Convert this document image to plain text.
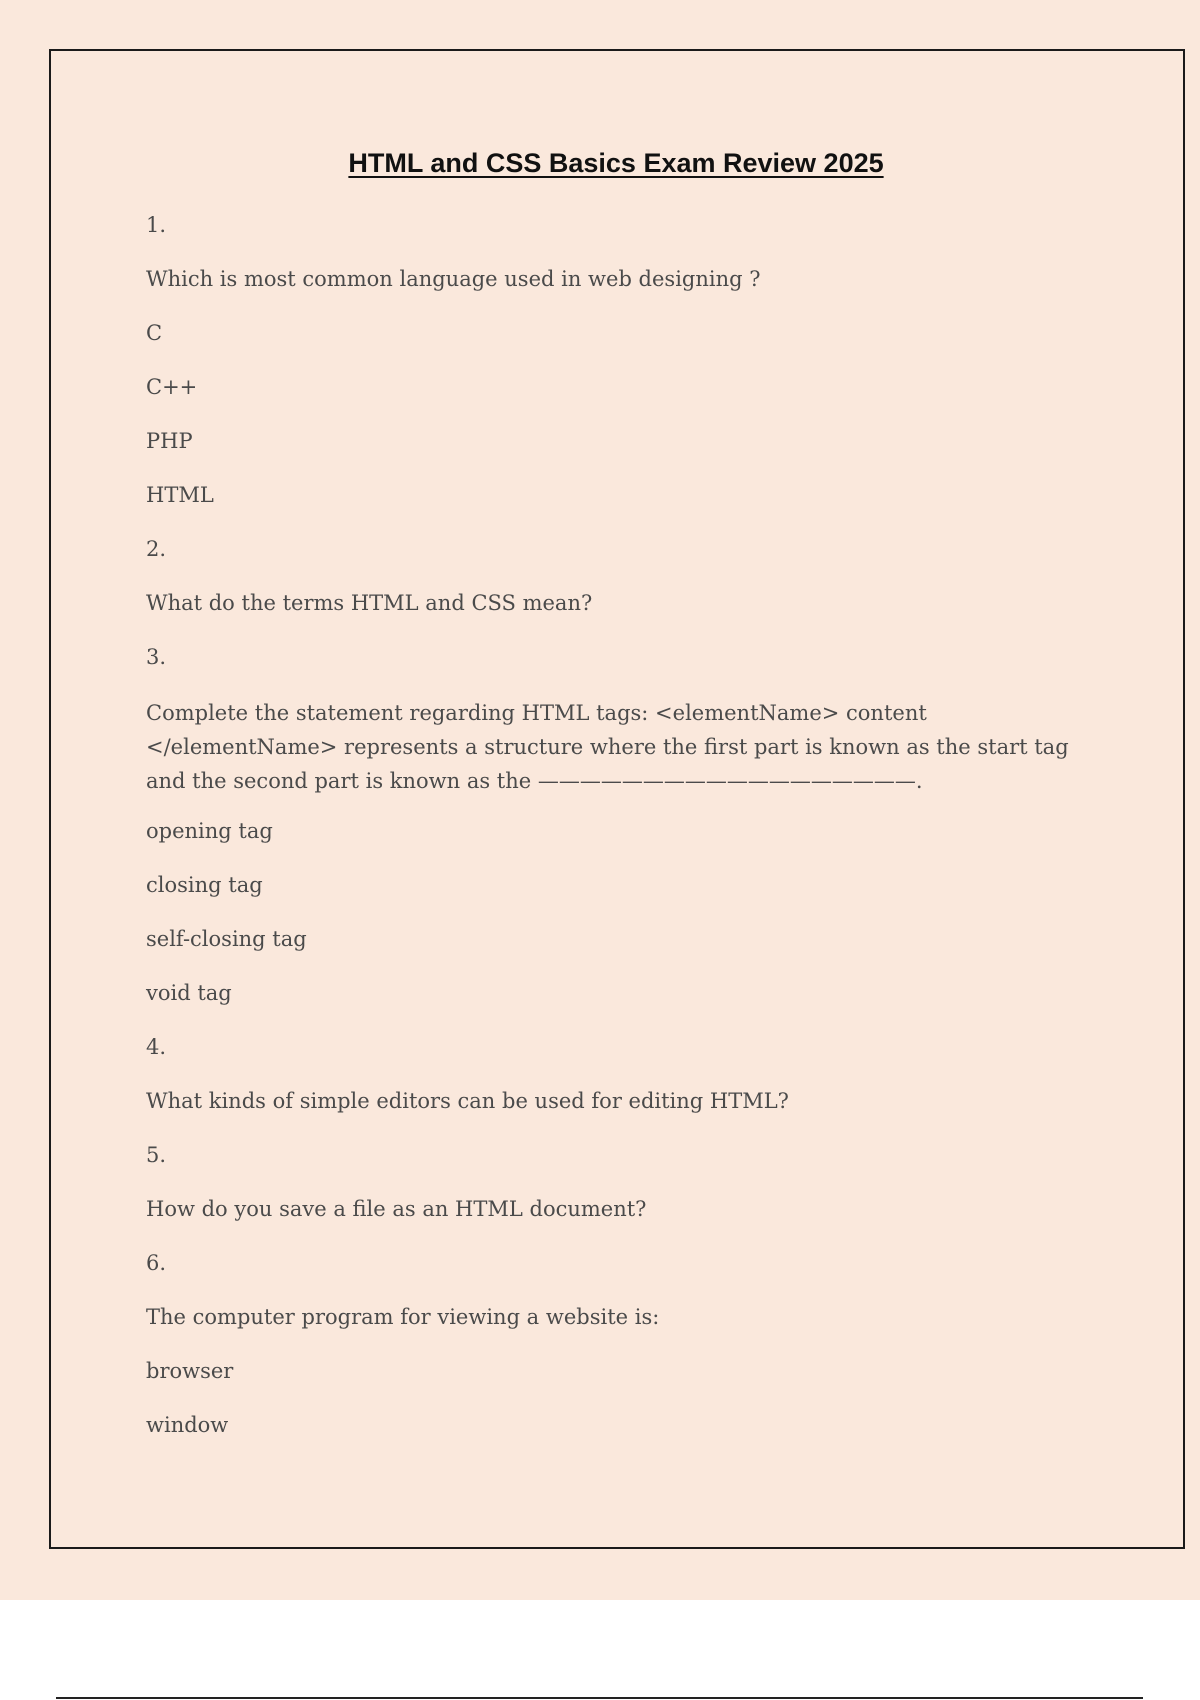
HTML and CSS Basics Exam Review 2025
1.
Which is most common language used in web designing ?
C
C++
PHP
HTML
2.
What do the terms HTML and CSS mean?
3.
Complete the statement regarding HTML tags: <elementName> content </elementName> represents a structure where the first part is known as the start tag and the second part is known as the ——————————————————.
opening tag
closing tag
self-closing tag
void tag
4.
What kinds of simple editors can be used for editing HTML?
5.
How do you save a file as an HTML document?
6.
The computer program for viewing a website is:
browser
window
